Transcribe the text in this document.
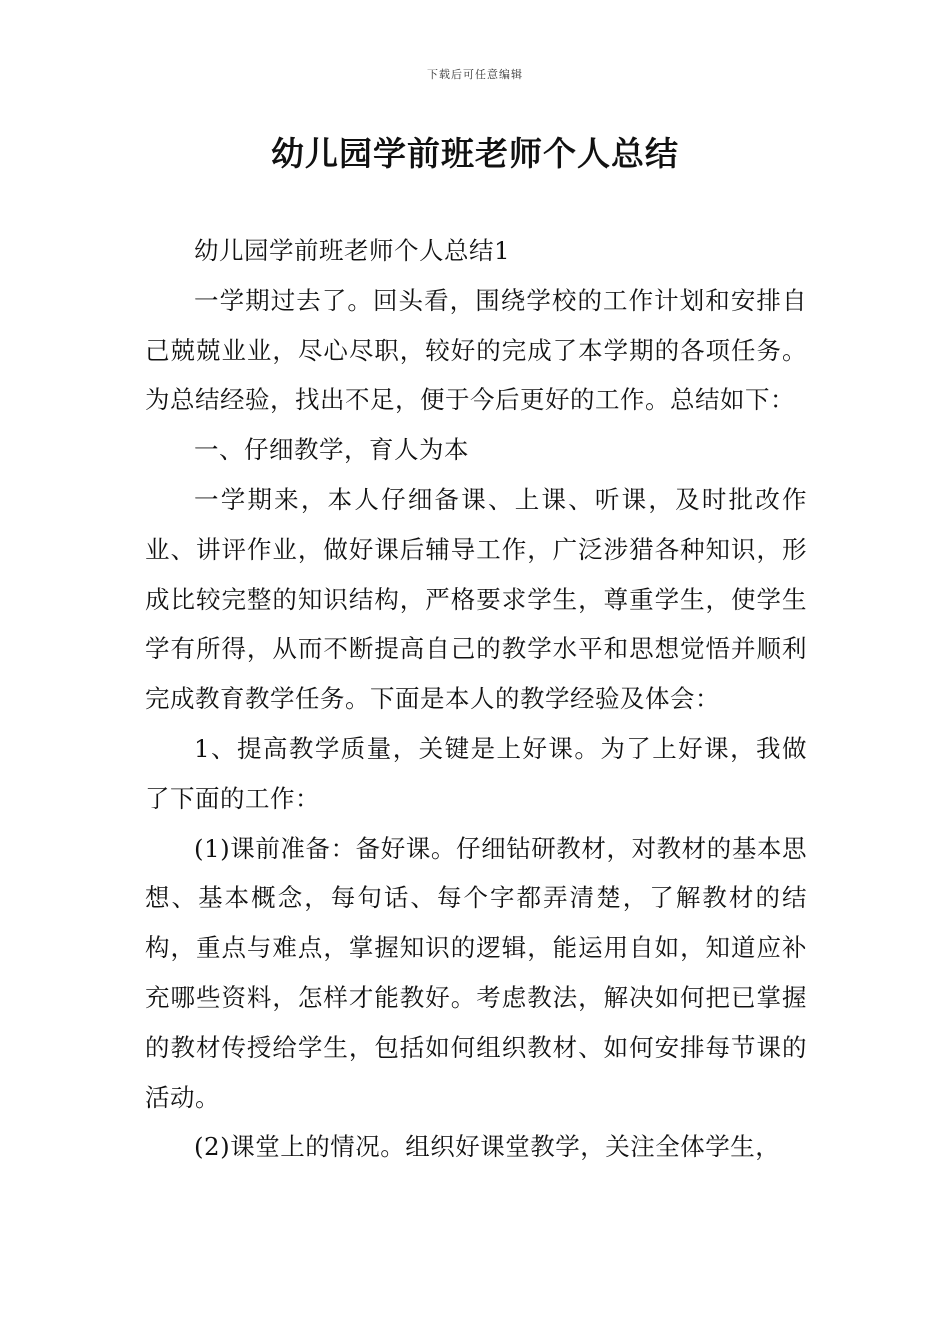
下载后可任意编辑
幼儿园学前班老师个人总结

幼儿园学前班老师个人总结1

一学期过去了。回头看，围绕学校的工作计划和安排自己兢兢业业，尽心尽职，较好的完成了本学期的各项任务。为总结经验，找出不足，便于今后更好的工作。总结如下：

一、仔细教学，育人为本

一学期来，本人仔细备课、上课、听课，及时批改作业、讲评作业，做好课后辅导工作，广泛涉猎各种知识，形成比较完整的知识结构，严格要求学生，尊重学生，使学生学有所得，从而不断提高自己的教学水平和思想觉悟并顺利完成教育教学任务。下面是本人的教学经验及体会：

1、提高教学质量，关键是上好课。为了上好课，我做了下面的工作：

(1)课前准备：备好课。仔细钻研教材，对教材的基本思想、基本概念，每句话、每个字都弄清楚，了解教材的结构，重点与难点，掌握知识的逻辑，能运用自如，知道应补充哪些资料，怎样才能教好。考虑教法，解决如何把已掌握的教材传授给学生，包括如何组织教材、如何安排每节课的活动。

(2)课堂上的情况。组织好课堂教学，关注全体学生，
